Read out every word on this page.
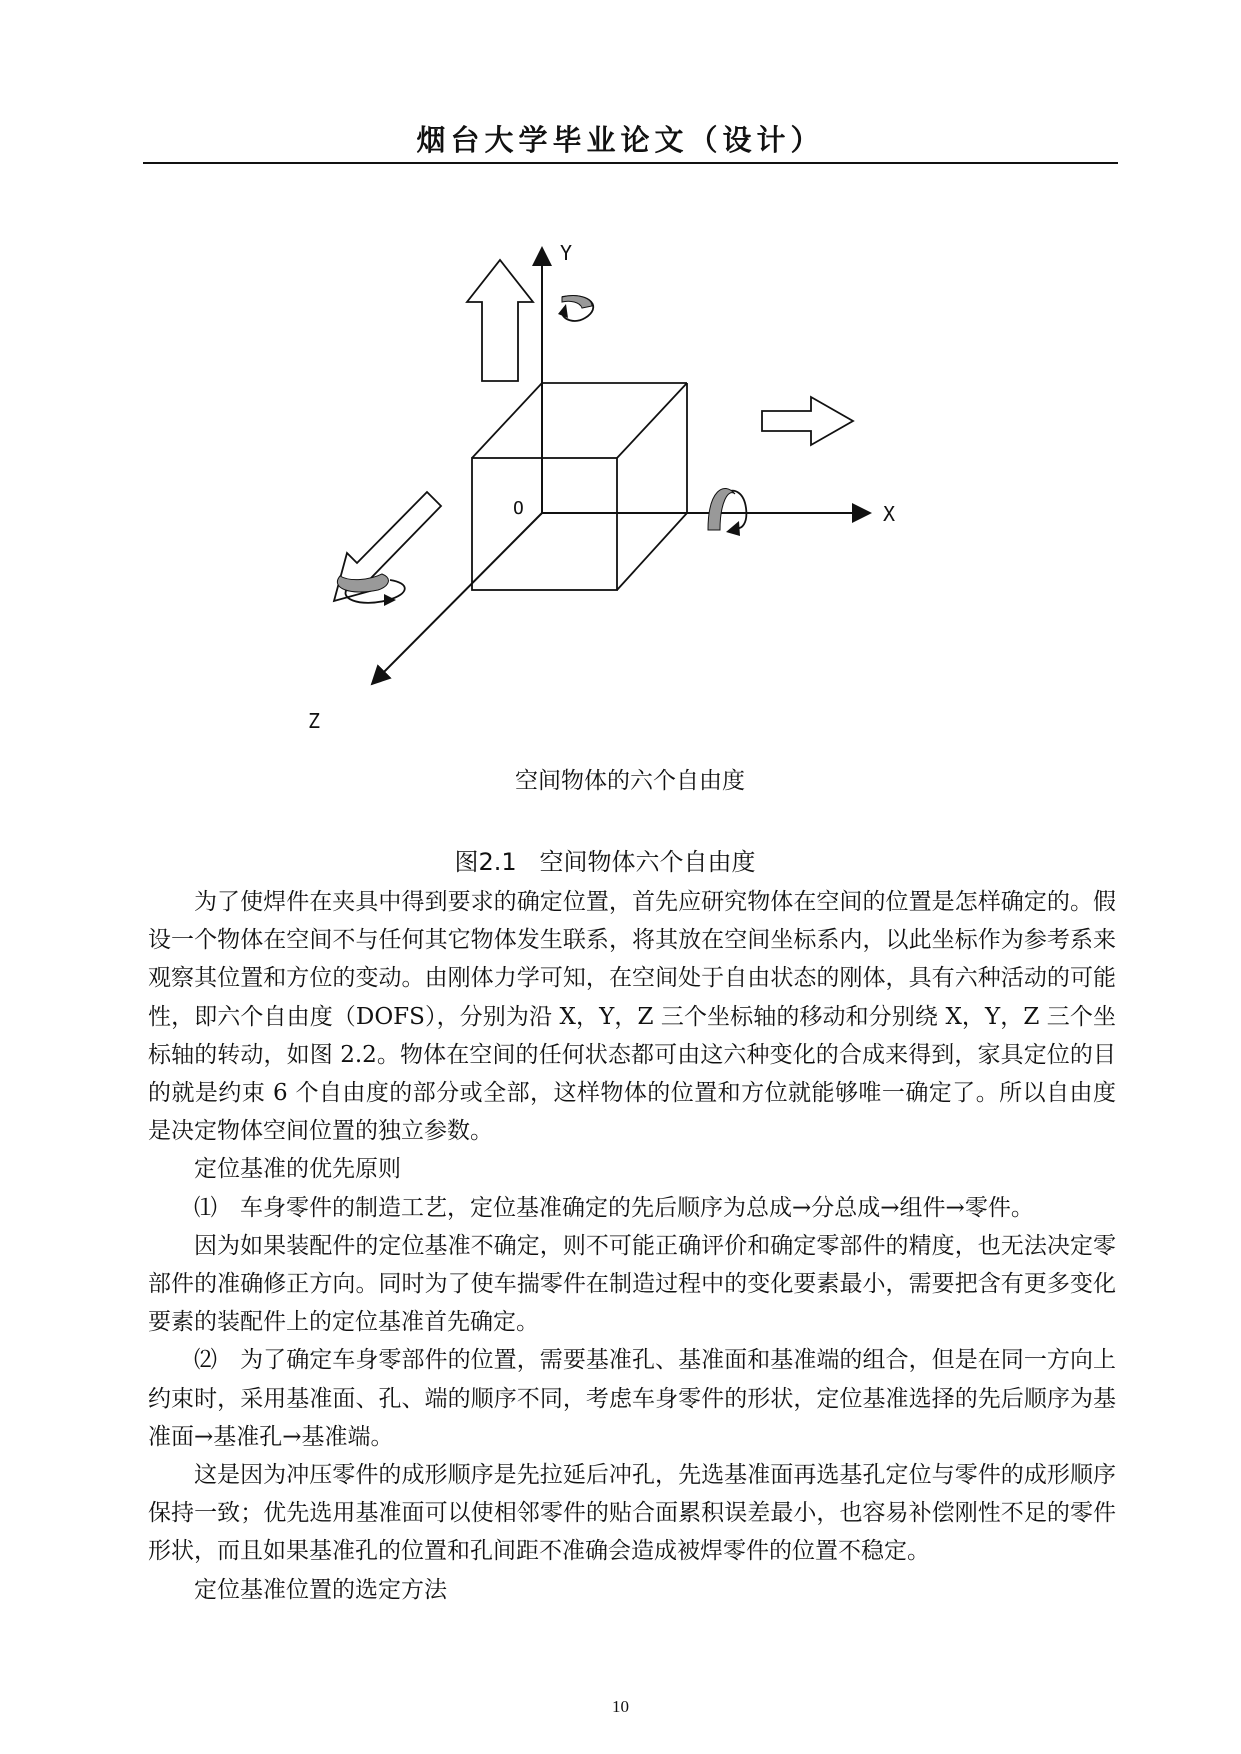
烟台大学毕业论文（设计）
Y
X
Z
O
空间物体的六个自由度
图2.1   空间物体六个自由度

为了使焊件在夹具中得到要求的确定位置，首先应研究物体在空间的位置是怎样确定的。假设一个物体在空间不与任何其它物体发生联系，将其放在空间坐标系内，以此坐标作为参考系来观察其位置和方位的变动。由刚体力学可知，在空间处于自由状态的刚体，具有六种活动的可能性，即六个自由度（DOFS），分别为沿 X，Y，Z 三个坐标轴的移动和分别绕 X，Y，Z 三个坐标轴的转动，如图 2.2。物体在空间的任何状态都可由这六种变化的合成来得到，家具定位的目的就是约束 6 个自由度的部分或全部，这样物体的位置和方位就能够唯一确定了。所以自由度是决定物体空间位置的独立参数。

定位基准的优先原则

⑴　车身零件的制造工艺，定位基准确定的先后顺序为总成→分总成→组件→零件。

因为如果装配件的定位基准不确定，则不可能正确评价和确定零部件的精度，也无法决定零部件的准确修正方向。同时为了使车揣零件在制造过程中的变化要素最小，需要把含有更多变化要素的装配件上的定位基准首先确定。

⑵　为了确定车身零部件的位置，需要基准孔、基准面和基准端的组合，但是在同一方向上约束时，采用基准面、孔、端的顺序不同，考虑车身零件的形状，定位基准选择的先后顺序为基准面→基准孔→基准端。

这是因为冲压零件的成形顺序是先拉延后冲孔，先选基准面再选基孔定位与零件的成形顺序保持一致；优先选用基准面可以使相邻零件的贴合面累积误差最小，也容易补偿刚性不足的零件形状，而且如果基准孔的位置和孔间距不准确会造成被焊零件的位置不稳定。

定位基准位置的选定方法

10
